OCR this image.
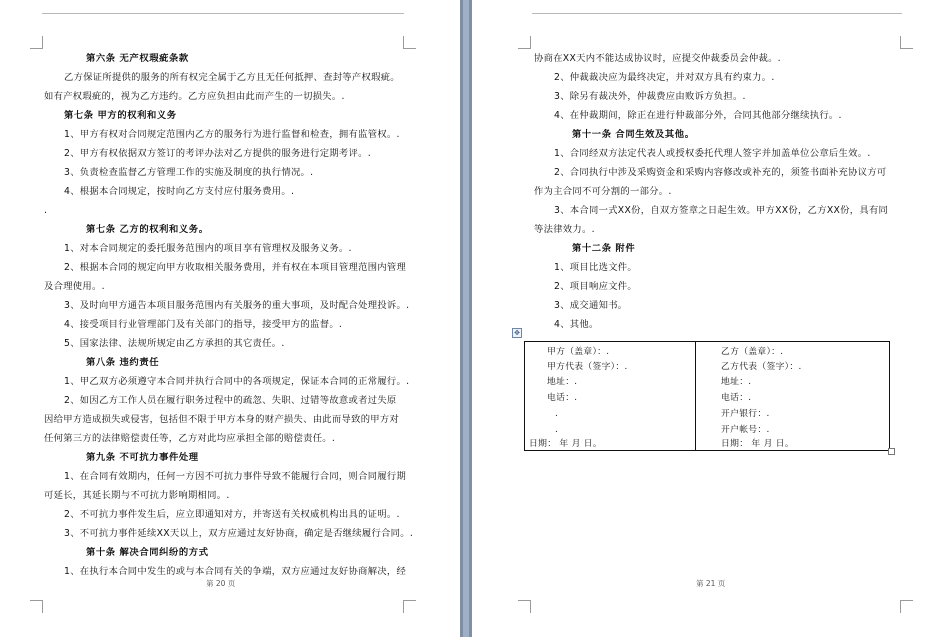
第六条 无产权瑕疵条款
乙方保证所提供的服务的所有权完全属于乙方且无任何抵押、查封等产权瑕疵。
如有产权瑕疵的，视为乙方违约。乙方应负担由此而产生的一切损失。.
第七条 甲方的权利和义务
1、甲方有权对合同规定范围内乙方的服务行为进行监督和检查，拥有监管权。.
2、甲方有权依据双方签订的考评办法对乙方提供的服务进行定期考评。.
3、负责检查监督乙方管理工作的实施及制度的执行情况。.
4、根据本合同规定，按时向乙方支付应付服务费用。.
.
第七条 乙方的权利和义务。
1、对本合同规定的委托服务范围内的项目享有管理权及服务义务。.
2、根据本合同的规定向甲方收取相关服务费用，并有权在本项目管理范围内管理
及合理使用。.
3、及时向甲方通告本项目服务范围内有关服务的重大事项，及时配合处理投诉。.
4、接受项目行业管理部门及有关部门的指导，接受甲方的监督。.
5、国家法律、法规所规定由乙方承担的其它责任。.
第八条 违约责任
1、甲乙双方必须遵守本合同并执行合同中的各项规定，保证本合同的正常履行。.
2、如因乙方工作人员在履行职务过程中的疏忽、失职、过错等故意或者过失原
因给甲方造成损失或侵害，包括但不限于甲方本身的财产损失、由此而导致的甲方对
任何第三方的法律赔偿责任等，乙方对此均应承担全部的赔偿责任。.
第九条 不可抗力事件处理
1、在合同有效期内，任何一方因不可抗力事件导致不能履行合同，则合同履行期
可延长，其延长期与不可抗力影响期相同。.
2、不可抗力事件发生后，应立即通知对方，并寄送有关权威机构出具的证明。.
3、不可抗力事件延续XX天以上，双方应通过友好协商，确定是否继续履行合同。.
第十条 解决合同纠纷的方式
1、在执行本合同中发生的或与本合同有关的争端，双方应通过友好协商解决，经
第 20 页
协商在XX天内不能达成协议时，应提交仲裁委员会仲裁。.
2、仲裁裁决应为最终决定，并对双方具有约束力。.
3、除另有裁决外，仲裁费应由败诉方负担。.
4、在仲裁期间，除正在进行仲裁部分外，合同其他部分继续执行。.
第十一条 合同生效及其他。
1、合同经双方法定代表人或授权委托代理人签字并加盖单位公章后生效。.
2、合同执行中涉及采购资金和采购内容修改或补充的，须签书面补充协议方可
作为主合同不可分割的一部分。.
3、本合同一式XX份，自双方签章之日起生效。甲方XX份，乙方XX份，具有同
等法律效力。.
第十二条 附件
1、项目比选文件。
2、项目响应文件。
3、成交通知书。
4、其他。
✥
甲方（盖章）：.
甲方代表（签字）：.
地址：.
电话：.
.
.
日期： 年 月 日。
乙方（盖章）：.
乙方代表（签字）：.
地址：.
电话：.
开户银行：.
开户帐号：.
日期： 年 月 日。
第 21 页
